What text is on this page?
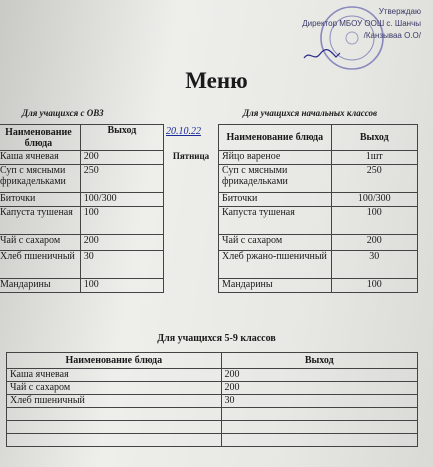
Утверждаю
Директор МБОУ ООШ с. Шанчы
/Канзываа О.О/
Меню
Для учащихся с ОВЗ	Для учащихся начальных классов
Наименование блюда	Выход
Каша ячневая	200
Суп с мясными фрикадельками	250
Биточки	100/300
Капуста тушеная	100
Чай с сахаром	200
Хлеб пшеничный	30
Мандарины	100
20.10.22
Пятница
Наименование блюда	Выход
Яйцо вареное	1шт
Суп с мясными фрикадельками	250
Биточки	100/300
Капуста тушеная	100
Чай с сахаром	200
Хлеб ржано-пшеничный	30
Мандарины	100
Для учащихся 5-9 классов
Наименование блюда	Выход
Каша ячневая	200
Чай с сахаром	200
Хлеб пшеничный	30
